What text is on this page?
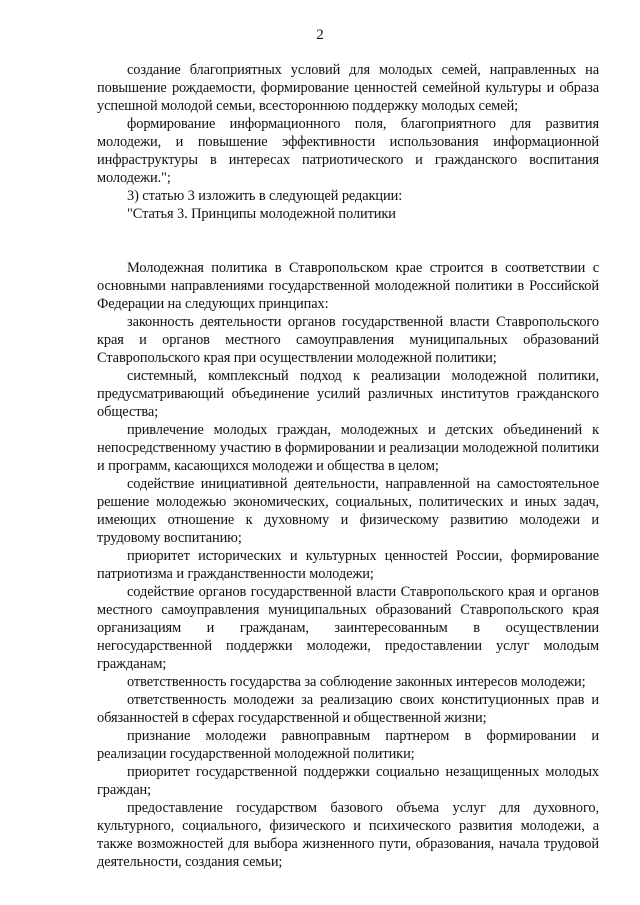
2

создание благоприятных условий для молодых семей, направленных на повышение рождаемости, формирование ценностей семейной культуры и образа успешной молодой семьи, всестороннюю поддержку молодых семей;

формирование информационного поля, благоприятного для развития молодежи, и повышение эффективности использования информационной инфраструктуры в интересах патриотического и гражданского воспитания молодежи.";

3) статью 3 изложить в следующей редакции:

"Статья 3. Принципы молодежной политики

Молодежная политика в Ставропольском крае строится в соответствии с основными направлениями государственной молодежной политики в Российской Федерации на следующих принципах:

законность деятельности органов государственной власти Ставропольского края и органов местного самоуправления муниципальных образований Ставропольского края при осуществлении молодежной политики;

системный, комплексный подход к реализации молодежной политики, предусматривающий объединение усилий различных институтов гражданского общества;

привлечение молодых граждан, молодежных и детских объединений к непосредственному участию в формировании и реализации молодежной политики и программ, касающихся молодежи и общества в целом;

содействие инициативной деятельности, направленной на самостоятельное решение молодежью экономических, социальных, политических и иных задач, имеющих отношение к духовному и физическому развитию молодежи и трудовому воспитанию;

приоритет исторических и культурных ценностей России, формирование патриотизма и гражданственности молодежи;

содействие органов государственной власти Ставропольского края и органов местного самоуправления муниципальных образований Ставропольского края организациям и гражданам, заинтересованным в осуществлении негосударственной поддержки молодежи, предоставлении услуг молодым гражданам;

ответственность государства за соблюдение законных интересов молодежи;

ответственность молодежи за реализацию своих конституционных прав и обязанностей в сферах государственной и общественной жизни;

признание молодежи равноправным партнером в формировании и реализации государственной молодежной политики;

приоритет государственной поддержки социально незащищенных молодых граждан;

предоставление государством базового объема услуг для духовного, культурного, социального, физического и психического развития молодежи, а также возможностей для выбора жизненного пути, образования, начала трудовой деятельности, создания семьи;
